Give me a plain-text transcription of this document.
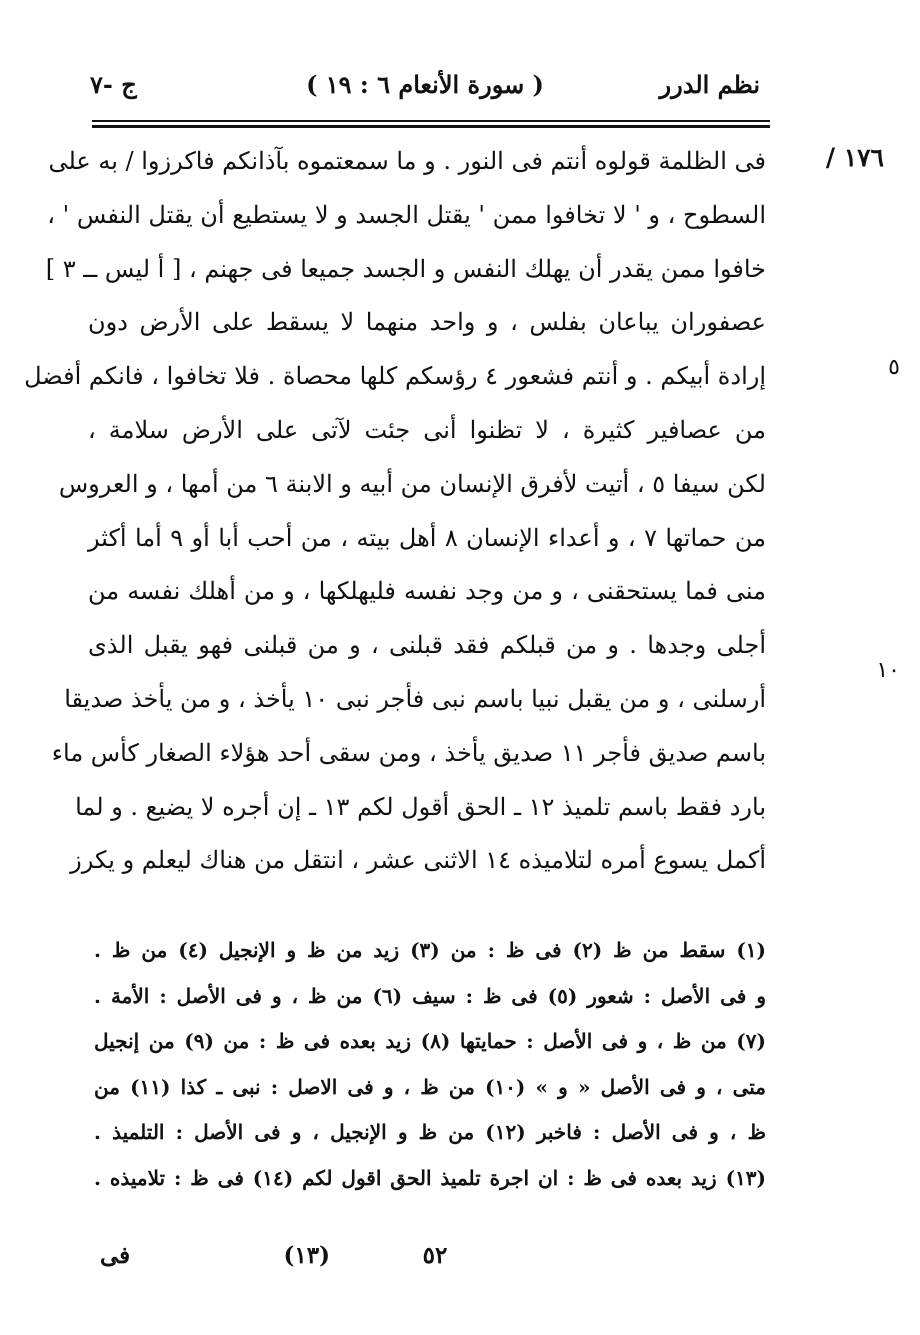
نظم الدرر
( سورة الأنعام ٦ : ١٩ )
ج -٧
١٧٦ /
٥
١٠
فى الظلمة قولوه أنتم فى النور . و ما سمعتموه بآذانكم فاكرزوا / به على
السطوح ، و ' لا تخافوا ممن ' يقتل الجسد و لا يستطيع أن يقتل النفس ' ،
خافوا ممن يقدر أن يهلك النفس و الجسد جميعا فى جهنم ، [ أ ليس ــ ٣ ]
عصفوران يباعان بفلس ، و واحد منهما لا يسقط على الأرض دون
إرادة أبيكم . و أنتم فشعور ٤ رؤسكم كلها محصاة . فلا تخافوا ، فانكم أفضل
من عصافير كثيرة ، لا تظنوا أنى جئت لآتى على الأرض سلامة ،
لكن سيفا ٥ ، أتيت لأفرق الإنسان من أبيه و الابنة ٦ من أمها ، و العروس
من حماتها ٧ ، و أعداء الإنسان ٨ أهل بيته ، من أحب أبا أو ٩ أما أكثر
منى فما يستحقنى ، و من وجد نفسه فليهلكها ، و من أهلك نفسه من
أجلى وجدها . و من قبلكم فقد قبلنى ، و من قبلنى فهو يقبل الذى
أرسلنى ، و من يقبل نبيا باسم نبى فأجر نبى ١٠ يأخذ ، و من يأخذ صديقا
باسم صديق فأجر ١١ صديق يأخذ ، ومن سقى أحد هؤلاء الصغار كأس ماء
بارد فقط باسم تلميذ ١٢ ـ الحق أقول لكم ١٣ ـ إن أجره لا يضيع . و لما
أكمل يسوع أمره لتلاميذه ١٤ الاثنى عشر ، انتقل من هناك ليعلم و يكرز
(١) سقط من ظ (٢) فى ظ : من (٣) زيد من ظ و الإنجيل (٤) من ظ .
و فى الأصل : شعور (٥) فى ظ : سيف (٦) من ظ ، و فى الأصل : الأمة .
(٧) من ظ ، و فى الأصل : حمايتها (٨) زيد بعده فى ظ : من (٩) من إنجيل
متى ، و فى الأصل « و » (١٠) من ظ ، و فى الاصل : نبى ـ كذا (١١) من
ظ ، و فى الأصل : فاخبر (١٢) من ظ و الإنجيل ، و فى الأصل : التلميذ .
(١٣) زيد بعده فى ظ : ان اجرة تلميذ الحق اقول لكم (١٤) فى ظ : تلاميذه .
٥٢
(١٣)
فى
